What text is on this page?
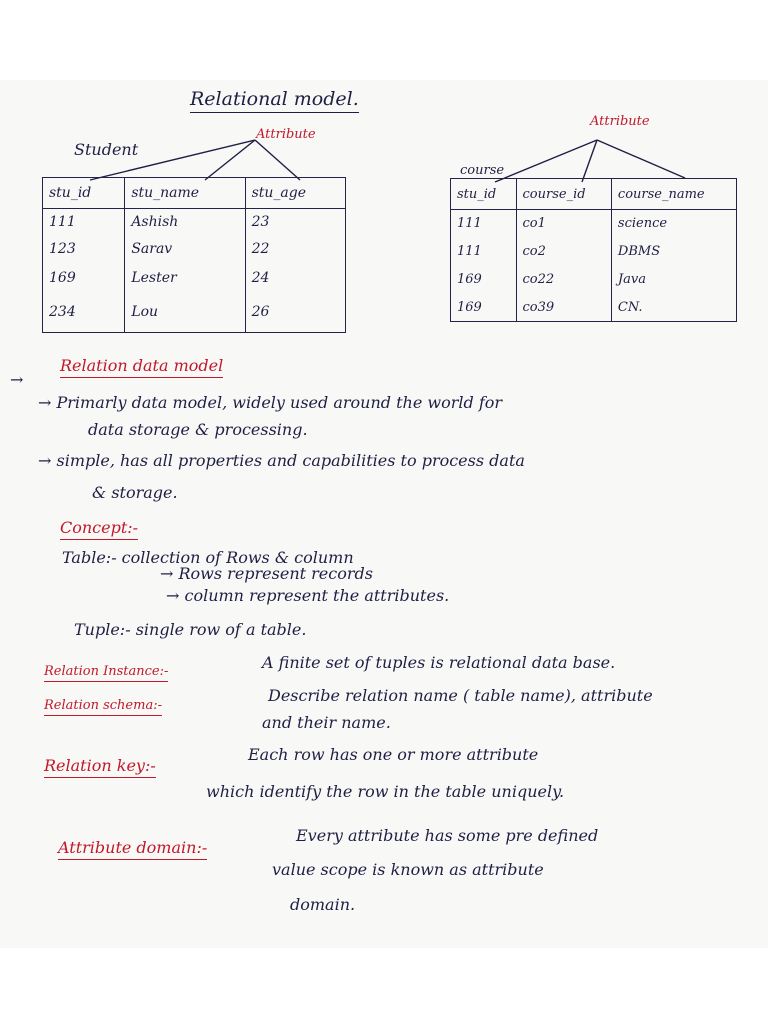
Relational model.
Student
Attribute
stu_id	stu_name	stu_age
111	Ashish	23
123	Sarav	22
169	Lester	24
234	Lou	26
course
Attribute
stu_id	course_id	course_name
111	co1	science
111	co2	DBMS
169	co22	Java
169	co39	CN.
→
Relation data model
→ Primarly data model, widely used around the world for
data storage & processing.
→ simple, has all properties and capabilities to process data
& storage.
Concept:-
Table:- collection of Rows & column
→ Rows represent records
→ column represent the attributes.
Tuple:- single row of a table.
Relation Instance:-	A finite set of tuples is relational data base.
Relation schema:-
Describe relation name ( table name), attribute
and their name.
Relation key:-
Each row has one or more attribute
which identify the row in the table uniquely.
Attribute domain:-
Every attribute has some pre defined
value scope is known as attribute
domain.
